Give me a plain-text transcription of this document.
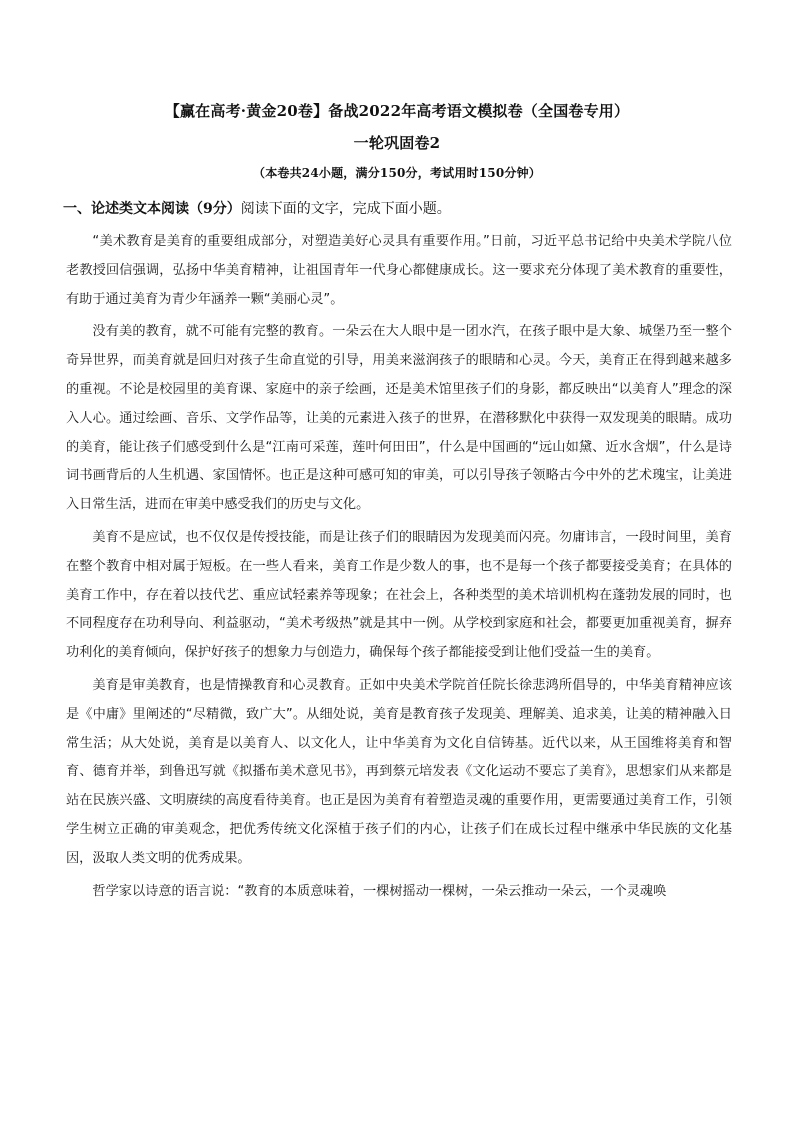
【赢在高考·黄金20卷】备战2022年高考语文模拟卷（全国卷专用）
一轮巩固卷2
（本卷共24小题，满分150分，考试用时150分钟）
一、论述类文本阅读（9分）阅读下面的文字，完成下面小题。

“美术教育是美育的重要组成部分，对塑造美好心灵具有重要作用。”日前，习近平总书记给中央美术学院八位老教授回信强调，弘扬中华美育精神，让祖国青年一代身心都健康成长。这一要求充分体现了美术教育的重要性，有助于通过美育为青少年涵养一颗“美丽心灵”。

没有美的教育，就不可能有完整的教育。一朵云在大人眼中是一团水汽，在孩子眼中是大象、城堡乃至一整个奇异世界，而美育就是回归对孩子生命直觉的引导，用美来滋润孩子的眼睛和心灵。今天，美育正在得到越来越多的重视。不论是校园里的美育课、家庭中的亲子绘画，还是美术馆里孩子们的身影，都反映出“以美育人”理念的深入人心。通过绘画、音乐、文学作品等，让美的元素进入孩子的世界，在潜移默化中获得一双发现美的眼睛。成功的美育，能让孩子们感受到什么是“江南可采莲，莲叶何田田”，什么是中国画的“远山如黛、近水含烟”，什么是诗词书画背后的人生机遇、家国情怀。也正是这种可感可知的审美，可以引导孩子领略古今中外的艺术瑰宝，让美进入日常生活，进而在审美中感受我们的历史与文化。

美育不是应试，也不仅仅是传授技能，而是让孩子们的眼睛因为发现美而闪亮。勿庸讳言，一段时间里，美育在整个教育中相对属于短板。在一些人看来，美育工作是少数人的事，也不是每一个孩子都要接受美育；在具体的美育工作中，存在着以技代艺、重应试轻素养等现象；在社会上，各种类型的美术培训机构在蓬勃发展的同时，也不同程度存在功利导向、利益驱动，“美术考级热”就是其中一例。从学校到家庭和社会，都要更加重视美育，摒弃功利化的美育倾向，保护好孩子的想象力与创造力，确保每个孩子都能接受到让他们受益一生的美育。

美育是审美教育，也是情操教育和心灵教育。正如中央美术学院首任院长徐悲鸿所倡导的，中华美育精神应该是《中庸》里阐述的“尽精微，致广大”。从细处说，美育是教育孩子发现美、理解美、追求美，让美的精神融入日常生活；从大处说，美育是以美育人、以文化人，让中华美育为文化自信铸基。近代以来，从王国维将美育和智育、德育并举，到鲁迅写就《拟播布美术意见书》，再到蔡元培发表《文化运动不要忘了美育》，思想家们从来都是站在民族兴盛、文明赓续的高度看待美育。也正是因为美育有着塑造灵魂的重要作用，更需要通过美育工作，引领学生树立正确的审美观念，把优秀传统文化深植于孩子们的内心，让孩子们在成长过程中继承中华民族的文化基因，汲取人类文明的优秀成果。

哲学家以诗意的语言说：“教育的本质意味着，一棵树摇动一棵树，一朵云推动一朵云，一个灵魂唤
